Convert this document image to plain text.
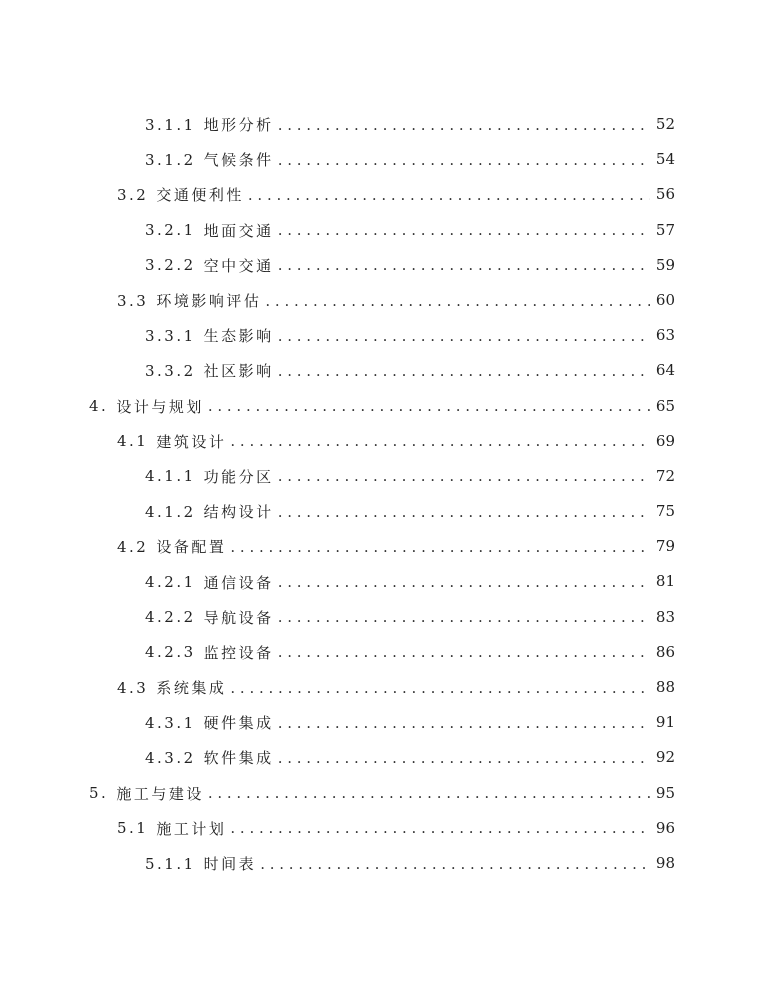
3.1.1 地形分析 . . .	52
3.1.2 气候条件 . . .	54
3.2 交通便利性 . . .	56
3.2.1 地面交通 . . .	57
3.2.2 空中交通 . . .	59
3.3 环境影响评估 . . .	60
3.3.1 生态影响 . . .	63
3.3.2 社区影响 . . .	64
4. 设计与规划 . . .	65
4.1 建筑设计 . . .	69
4.1.1 功能分区 . . .	72
4.1.2 结构设计 . . .	75
4.2 设备配置 . . .	79
4.2.1 通信设备 . . .	81
4.2.2 导航设备 . . .	83
4.2.3 监控设备 . . .	86
4.3 系统集成 . . .	88
4.3.1 硬件集成 . . .	91
4.3.2 软件集成 . . .	92
5. 施工与建设 . . .	95
5.1 施工计划 . . .	96
5.1.1 时间表 . . .	98
